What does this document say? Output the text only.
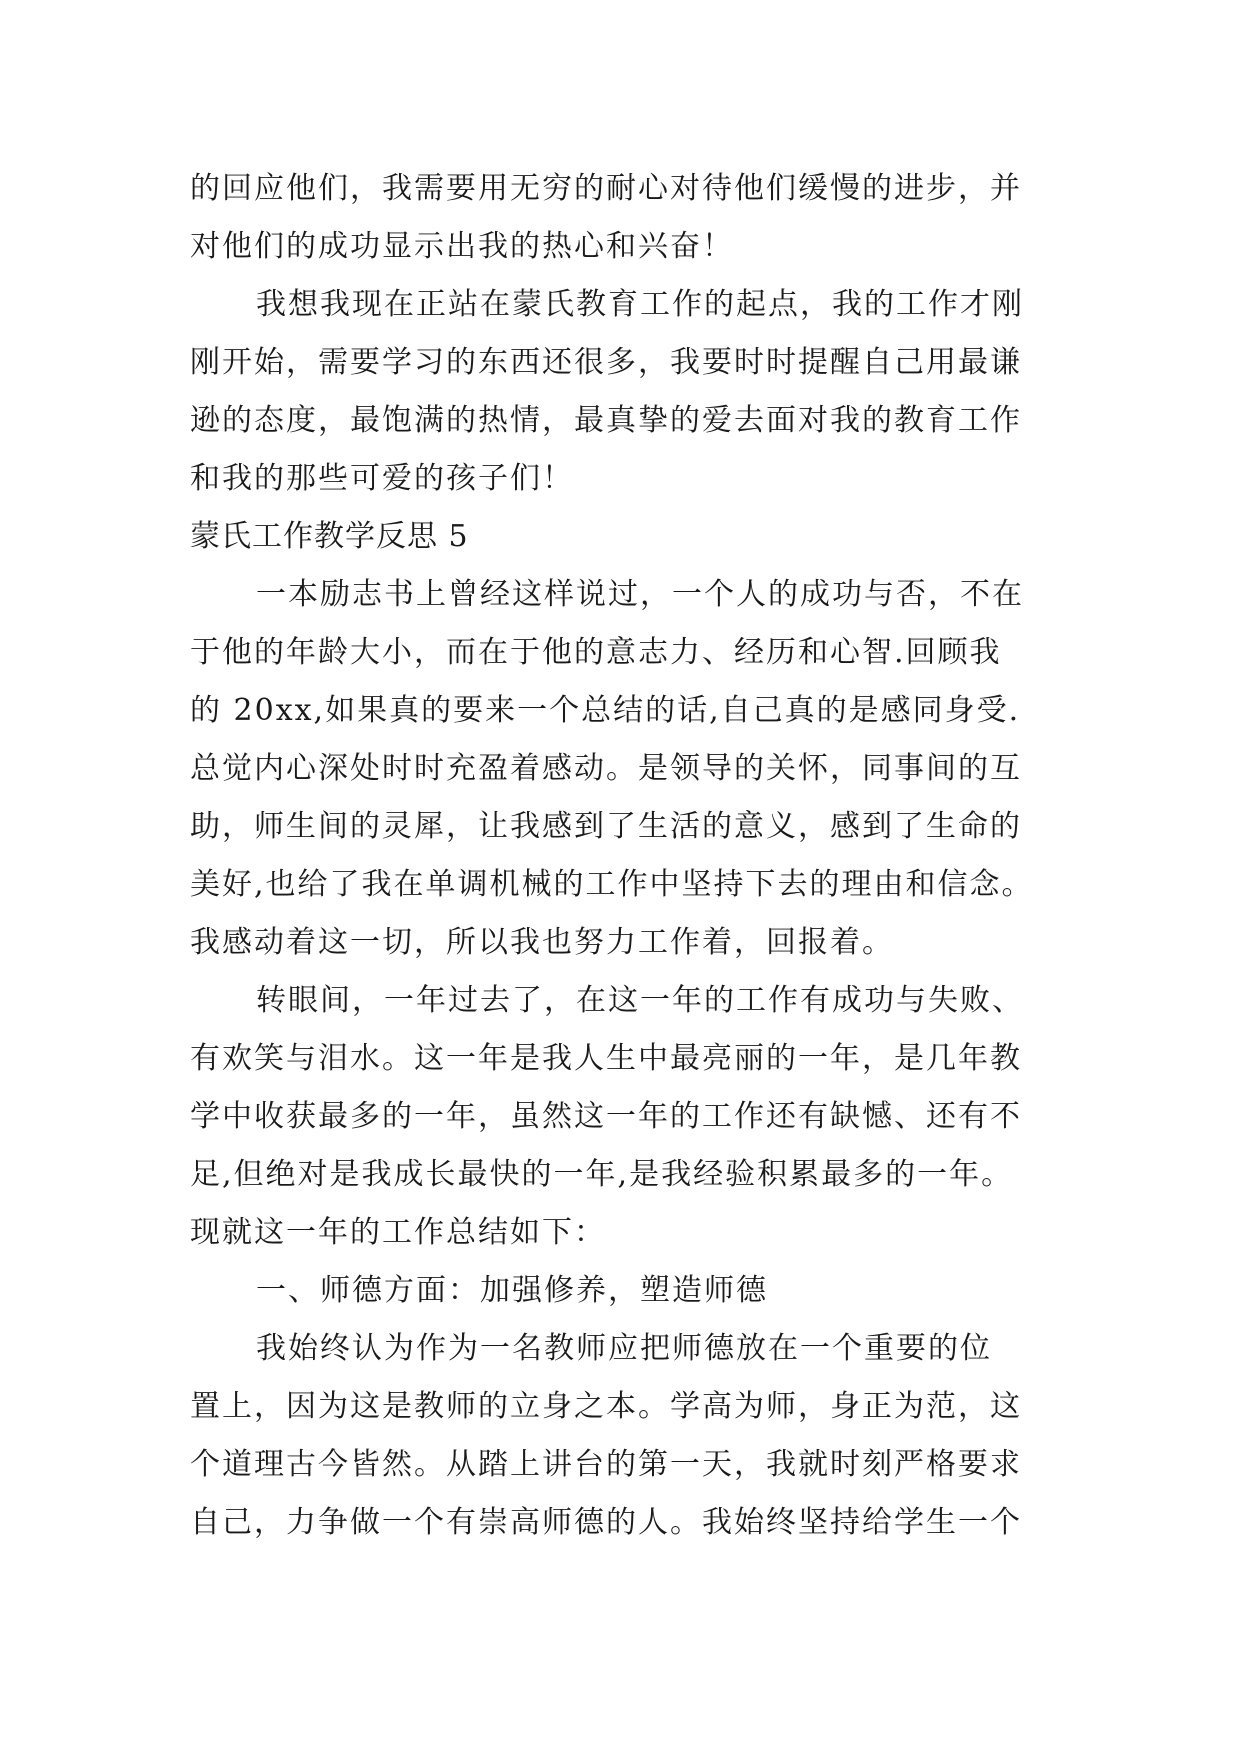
的回应他们，我需要用无穷的耐心对待他们缓慢的进步，并
对他们的成功显示出我的热心和兴奋！
我想我现在正站在蒙氏教育工作的起点，我的工作才刚
刚开始，需要学习的东西还很多，我要时时提醒自己用最谦
逊的态度，最饱满的热情，最真挚的爱去面对我的教育工作
和我的那些可爱的孩子们！
蒙氏工作教学反思 5
一本励志书上曾经这样说过，一个人的成功与否，不在
于他的年龄大小，而在于他的意志力、经历和心智.回顾我
的 20xx,如果真的要来一个总结的话,自己真的是感同身受.
总觉内心深处时时充盈着感动。是领导的关怀，同事间的互
助，师生间的灵犀，让我感到了生活的意义，感到了生命的
美好,也给了我在单调机械的工作中坚持下去的理由和信念。
我感动着这一切，所以我也努力工作着，回报着。
转眼间，一年过去了，在这一年的工作有成功与失败、
有欢笑与泪水。这一年是我人生中最亮丽的一年，是几年教
学中收获最多的一年，虽然这一年的工作还有缺憾、还有不
足,但绝对是我成长最快的一年,是我经验积累最多的一年。
现就这一年的工作总结如下：
一、师德方面：加强修养，塑造师德
我始终认为作为一名教师应把师德放在一个重要的位
置上，因为这是教师的立身之本。学高为师，身正为范，这
个道理古今皆然。从踏上讲台的第一天，我就时刻严格要求
自己，力争做一个有崇高师德的人。我始终坚持给学生一个
